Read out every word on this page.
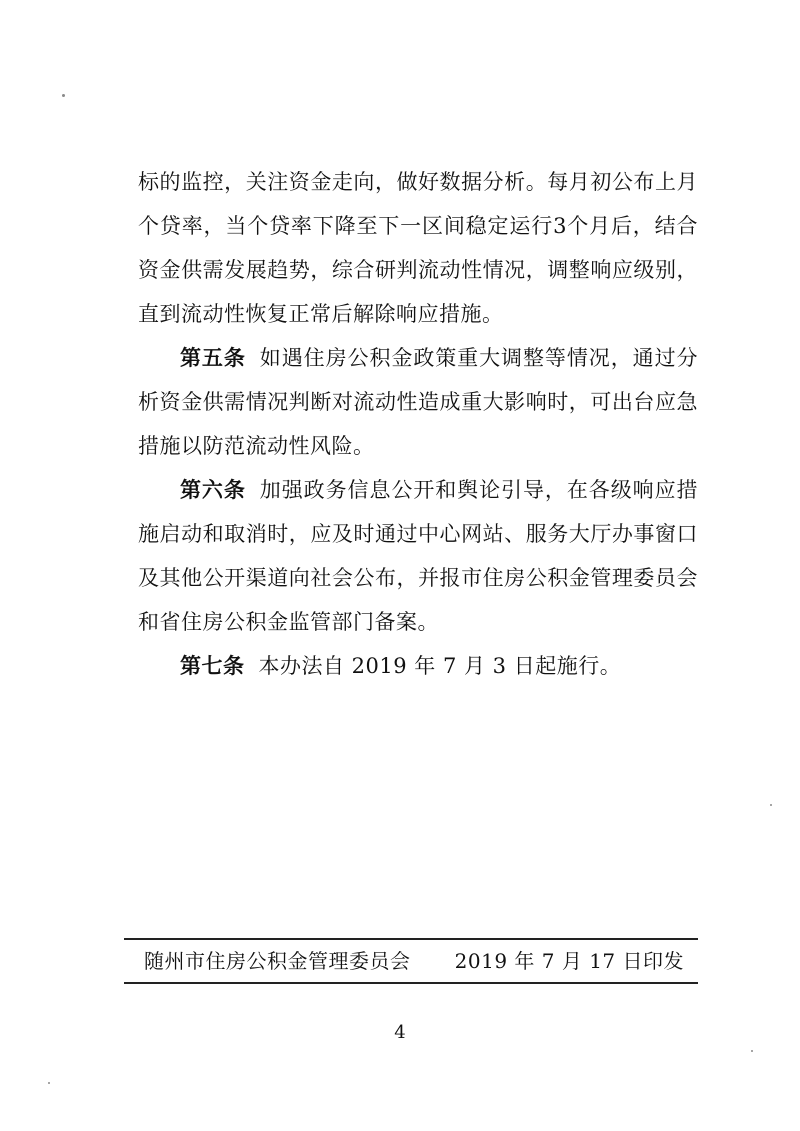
标的监控，关注资金走向，做好数据分析。每月初公布上月个贷率，当个贷率下降至下一区间稳定运行3个月后，结合资金供需发展趋势，综合研判流动性情况，调整响应级别，直到流动性恢复正常后解除响应措施。

第五条 如遇住房公积金政策重大调整等情况，通过分析资金供需情况判断对流动性造成重大影响时，可出台应急措施以防范流动性风险。

第六条 加强政务信息公开和舆论引导，在各级响应措施启动和取消时，应及时通过中心网站、服务大厅办事窗口及其他公开渠道向社会公布，并报市住房公积金管理委员会和省住房公积金监管部门备案。

第七条 本办法自 2019 年 7 月 3 日起施行。

随州市住房公积金管理委员会 2019 年 7 月 17 日印发
4
